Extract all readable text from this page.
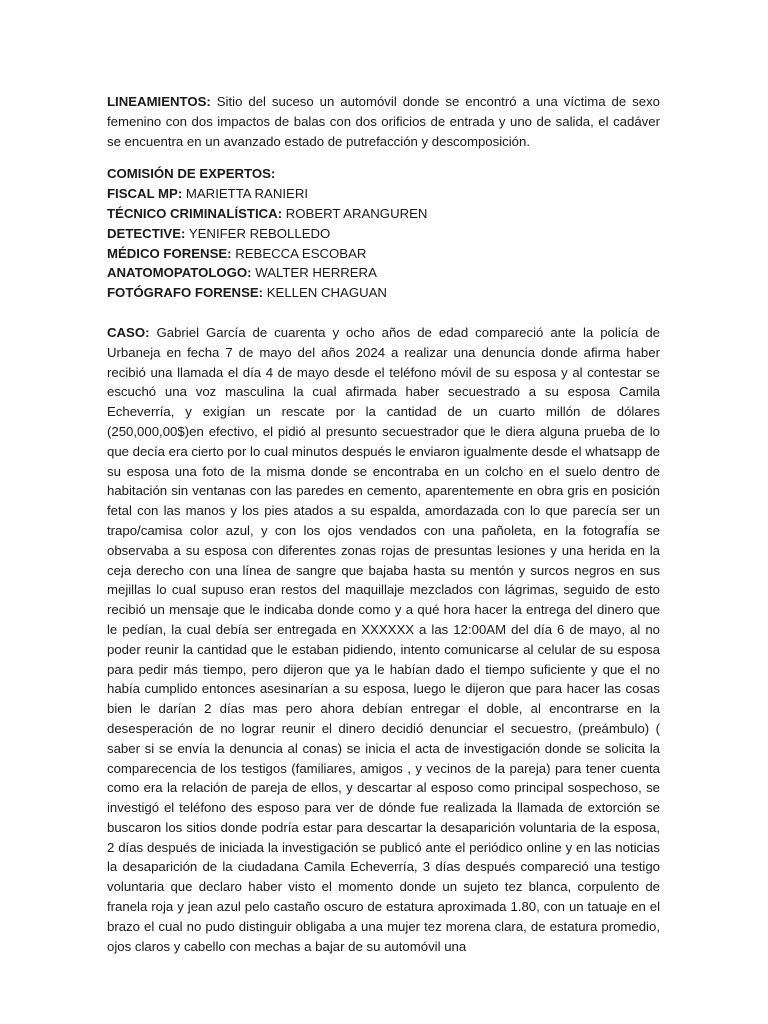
LINEAMIENTOS: Sitio del suceso un automóvil donde se encontró a una víctima de sexo femenino con dos impactos de balas con dos orificios de entrada y uno de salida, el cadáver se encuentra en un avanzado estado de putrefacción y descomposición.

COMISIÓN DE EXPERTOS:
FISCAL MP: MARIETTA RANIERI
TÉCNICO CRIMINALÍSTICA: ROBERT ARANGUREN
DETECTIVE: YENIFER REBOLLEDO
MÉDICO FORENSE: REBECCA ESCOBAR
ANATOMOPATOLOGO: WALTER HERRERA
FOTÓGRAFO FORENSE: KELLEN CHAGUAN

CASO: Gabriel García de cuarenta y ocho años de edad compareció ante la policía de Urbaneja en fecha 7 de mayo del años 2024 a realizar una denuncia donde afirma haber recibió una llamada el día 4 de mayo desde el teléfono móvil de su esposa y al contestar se escuchó una voz masculina la cual afirmada haber secuestrado a su esposa Camila Echeverría, y exigían un rescate por la cantidad de un cuarto millón de dólares (250,000,00$)en efectivo, el pidió al presunto secuestrador que le diera alguna prueba de lo que decía era cierto por lo cual minutos después le enviaron igualmente desde el whatsapp de su esposa una foto de la misma donde se encontraba en un colcho en el suelo dentro de habitación sin ventanas con las paredes en cemento, aparentemente en obra gris en posición fetal con las manos y los pies atados a su espalda, amordazada con lo que parecía ser un trapo/camisa color azul, y con los ojos vendados con una pañoleta, en la fotografía se observaba a su esposa con diferentes zonas rojas de presuntas lesiones y una herida en la ceja derecho con una línea de sangre que bajaba hasta su mentón y surcos negros en sus mejillas lo cual supuso eran restos del maquillaje mezclados con lágrimas, seguido de esto recibió un mensaje que le indicaba donde como y a qué hora hacer la entrega del dinero que le pedían, la cual debía ser entregada en XXXXXX a las 12:00AM del día 6 de mayo, al no poder reunir la cantidad que le estaban pidiendo, intento comunicarse al celular de su esposa para pedir más tiempo, pero dijeron que ya le habían dado el tiempo suficiente y que el no había cumplido entonces asesinarían a su esposa, luego le dijeron que para hacer las cosas bien le darían 2 días mas pero ahora debían entregar el doble, al encontrarse en la desesperación de no lograr reunir el dinero decidió denunciar el secuestro, (preámbulo) ( saber si se envía la denuncia al conas) se inicia el acta de investigación donde se solicita la comparecencia de los testigos (familiares, amigos , y vecinos de la pareja) para tener cuenta como era la relación de pareja de ellos, y descartar al esposo como principal sospechoso, se investigó el teléfono des esposo para ver de dónde fue realizada la llamada de extorción se buscaron los sitios donde podría estar para descartar la desaparición voluntaria de la esposa, 2 días después de iniciada la investigación se publicó ante el periódico online y en las noticias la desaparición de la ciudadana Camila Echeverría, 3 días después compareció una testigo voluntaria que declaro haber visto el momento donde un sujeto tez blanca, corpulento de franela roja y jean azul pelo castaño oscuro de estatura aproximada 1.80, con un tatuaje en el brazo el cual no pudo distinguir obligaba a una mujer tez morena clara, de estatura promedio, ojos claros y cabello con mechas a bajar de su automóvil una
